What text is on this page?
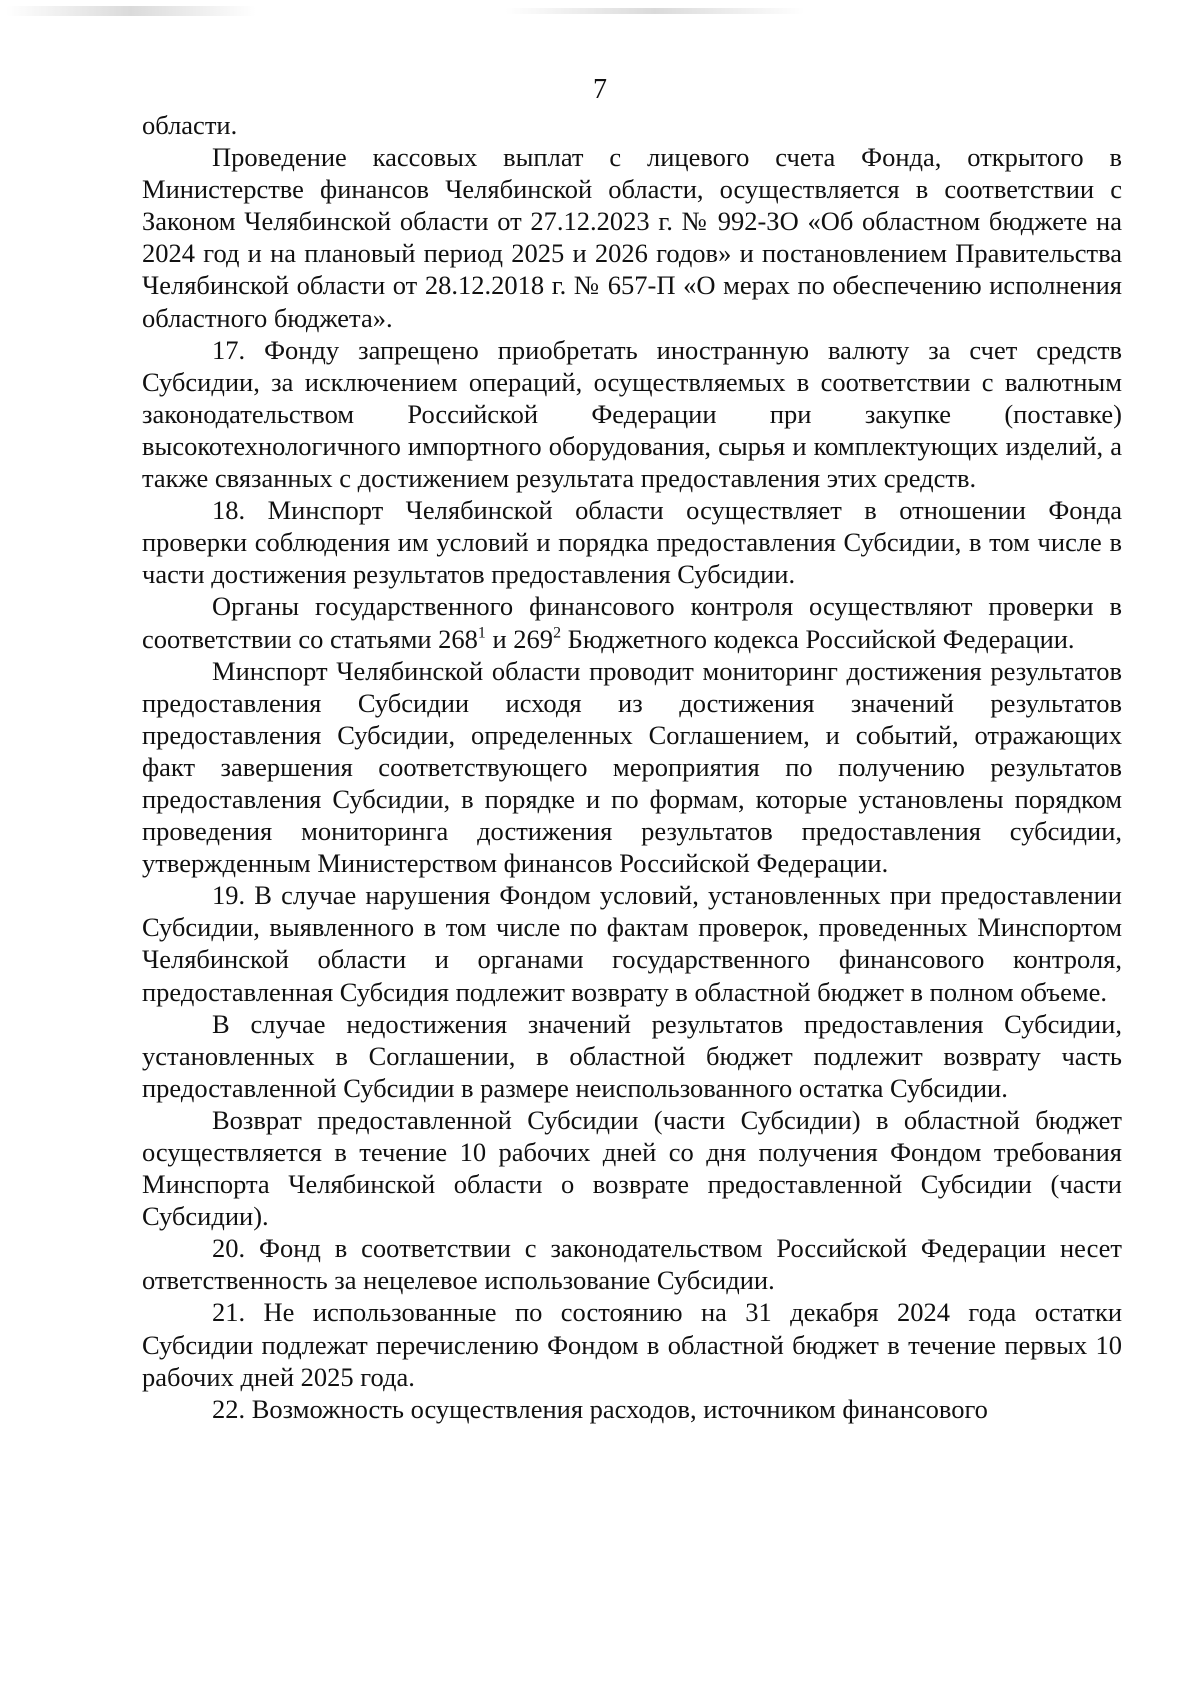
7

области.

Проведение кассовых выплат с лицевого счета Фонда, открытого в Министерстве финансов Челябинской области, осуществляется в соответствии с Законом Челябинской области от 27.12.2023 г. № 992-ЗО «Об областном бюджете на 2024 год и на плановый период 2025 и 2026 годов» и постановлением Правительства Челябинской области от 28.12.2018 г. № 657-П «О мерах по обеспечению исполнения областного бюджета».

17. Фонду запрещено приобретать иностранную валюту за счет средств Субсидии, за исключением операций, осуществляемых в соответствии с валютным законодательством Российской Федерации при закупке (поставке) высокотехнологичного импортного оборудования, сырья и комплектующих изделий, а также связанных с достижением результата предоставления этих средств.

18. Минспорт Челябинской области осуществляет в отношении Фонда проверки соблюдения им условий и порядка предоставления Субсидии, в том числе в части достижения результатов предоставления Субсидии.

Органы государственного финансового контроля осуществляют проверки в соответствии со статьями $268^1$ и $269^2$ Бюджетного кодекса Российской Федерации.

Минспорт Челябинской области проводит мониторинг достижения результатов предоставления Субсидии исходя из достижения значений результатов предоставления Субсидии, определенных Соглашением, и событий, отражающих факт завершения соответствующего мероприятия по получению результатов предоставления Субсидии, в порядке и по формам, которые установлены порядком проведения мониторинга достижения результатов предоставления субсидии, утвержденным Министерством финансов Российской Федерации.

19. В случае нарушения Фондом условий, установленных при предоставлении Субсидии, выявленного в том числе по фактам проверок, проведенных Минспортом Челябинской области и органами государственного финансового контроля, предоставленная Субсидия подлежит возврату в областной бюджет в полном объеме.

В случае недостижения значений результатов предоставления Субсидии, установленных в Соглашении, в областной бюджет подлежит возврату часть предоставленной Субсидии в размере неиспользованного остатка Субсидии.

Возврат предоставленной Субсидии (части Субсидии) в областной бюджет осуществляется в течение 10 рабочих дней со дня получения Фондом требования Минспорта Челябинской области о возврате предоставленной Субсидии (части Субсидии).

20. Фонд в соответствии с законодательством Российской Федерации несет ответственность за нецелевое использование Субсидии.

21. Не использованные по состоянию на 31 декабря 2024 года остатки Субсидии подлежат перечислению Фондом в областной бюджет в течение первых 10 рабочих дней 2025 года.

22. Возможность осуществления расходов, источником финансового
